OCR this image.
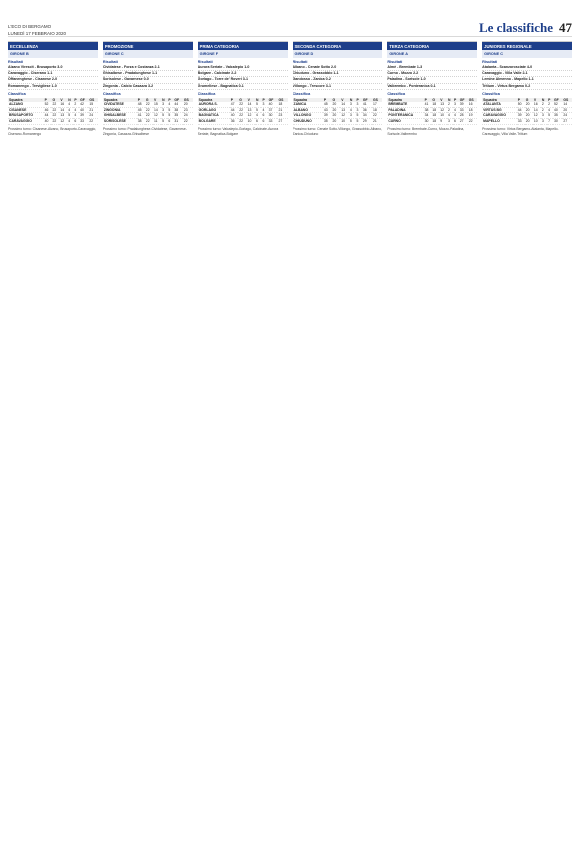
L'ECO DI BERGAMO
LUNEDÌ 17 FEBBRAIO 2020	Le classifiche 47
ECCELLENZA
GIRONE B
Risultati
Alzano Virescit - Brusaporto 3-0
Caravaggio - Ciserano 1-1
Offanenghese - Cisanese 2-0
Romanengo - Trevigliese 1-0
Classifica
Squadra	P	G	V	N	P	GF	GS
ALZANO	52	22	16	4	2	42	15
CISANESE	46	22	14	4	4	40	21
BRUSAPORTO	44	22	13	5	4	39	24
CARAVAGGIO	40	22	12	4	6	33	22
Prossimo turno: Cisanese-Alzano, Brusaporto-Caravaggio, Ciserano-Romanengo
PROMOZIONE
GIRONE C
Risultati
Cividatese - Forza e Costanza 2-1
Ghisalbese - Pradalunghese 1-1
Sorisolese - Gavarnese 0-0
Zingonia - Calcio Casazza 3-2
Classifica
Squadra	P	G	V	N	P	GF	GS
CIVIDATESE	48	22	15	3	4	44	20
ZINGONIA	45	22	14	3	5	38	23
GHISALBESE	41	22	12	5	5	35	24
SORISOLESE	38	22	11	5	6	31	22
Prossimo turno: Pradalunghese-Cividatese, Gavarnese-Zingonia, Casazza-Ghisalbese
PRIMA CATEGORIA
GIRONE F
Risultati
Aurora Seriate - Valcalepio 1-0
Bolgare - Calcinate 2-2
Gorlago - Torre de' Roveri 3-1
Grumellese - Bagnatica 0-1
Classifica
Squadra	P	G	V	N	P	GF	GS
AURORA S.	47	22	14	5	3	40	18
GORLAGO	44	22	13	5	4	37	21
BAGNATICA	40	22	12	4	6	30	23
BOLGARE	36	22	10	6	6	33	27
Prossimo turno: Valcalepio-Gorlago, Calcinate-Aurora Seriate, Bagnatica-Bolgare
SECONDA CATEGORIA
GIRONE D
Risultati
Albano - Cenate Sotto 2-0
Chiuduno - Grassobbio 1-1
Gandosso - Zanica 0-2
Villongo - Trescore 3-1
Classifica
Squadra	P	G	V	N	P	GF	GS
ZANICA	45	20	14	3	3	41	17
ALBANO	43	20	13	4	3	36	18
VILLONGO	39	20	12	3	5	34	22
CHIUDUNO	35	20	10	5	5	29	21
Prossimo turno: Cenate Sotto-Villongo, Grassobbio-Albano, Zanica-Chiuduno
TERZA CATEGORIA
GIRONE A
Risultati
Almè - Brembate 1-3
Curno - Mozzo 2-2
Paladina - Sorisole 1-0
Valbrembo - Ponteranica 0-1
Classifica
Squadra	P	G	V	N	P	GF	GS
BREMBATE	41	18	13	2	3	39	16
PALADINA	38	18	12	2	4	33	18
PONTERANICA	34	18	10	4	4	28	19
CURNO	30	18	9	3	6	27	22
Prossimo turno: Brembate-Curno, Mozzo-Paladina, Sorisole-Valbrembo
JUNIORES REGIONALE
GIRONE C
Risultati
Atalanta - Scanzorosciate 4-0
Caravaggio - Villa Valle 2-1
Lemine Almenno - Mapello 1-1
Tritium - Virtus Bergamo 0-2
Classifica
Squadra	P	G	V	N	P	GF	GS
ATALANTA	50	20	16	2	2	52	14
VIRTUS BG	44	20	14	2	4	40	20
CARAVAGGIO	39	20	12	3	5	35	24
MAPELLO	33	20	10	3	7	30	27
Prossimo turno: Virtus Bergamo-Atalanta, Mapello-Caravaggio, Villa Valle-Tritium
